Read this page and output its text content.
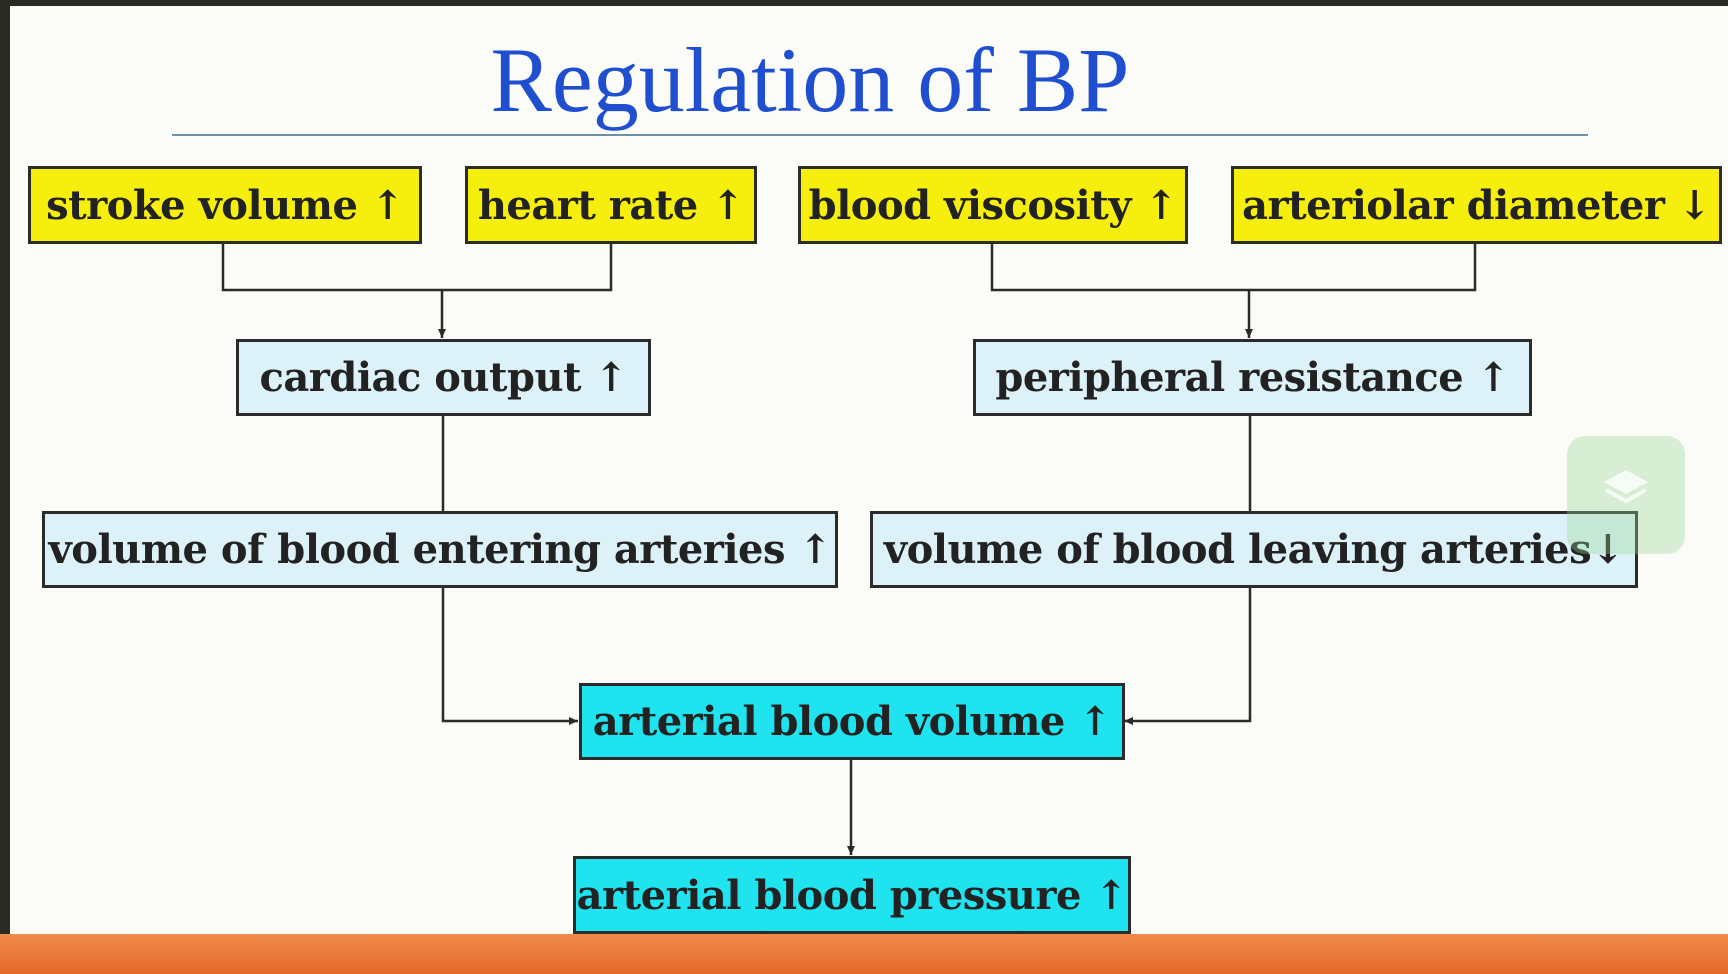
Regulation of BP
stroke volume ↑	heart rate ↑	blood viscosity ↑ arteriolar diameter ↓
cardiac output ↑	peripheral resistance ↑
volume of blood entering arteries ↑	volume of blood leaving arteries↓
arterial blood volume ↑
arterial blood pressure ↑
